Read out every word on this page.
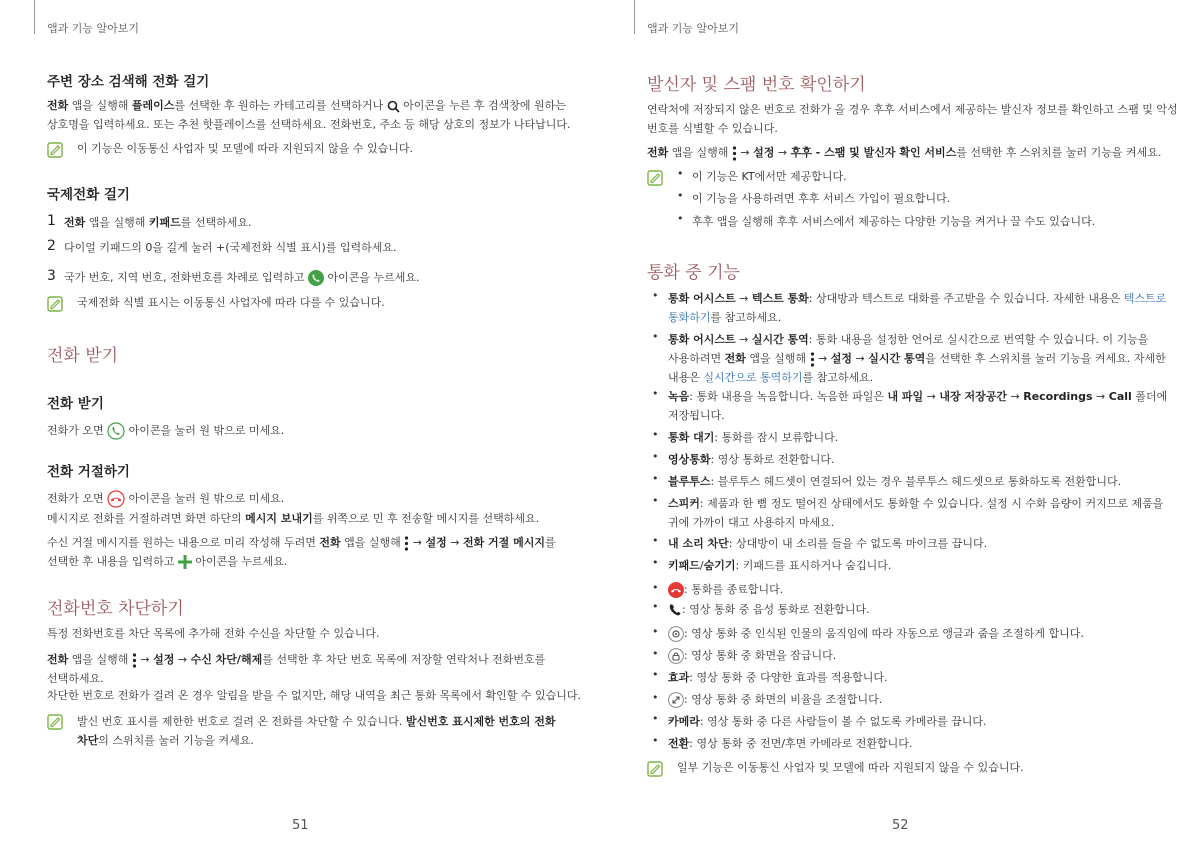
앱과 기능 알아보기
주변 장소 검색해 전화 걸기
전화 앱을 실행해 플레이스를 선택한 후 원하는 카테고리를 선택하거나  아이콘을 누른 후 검색창에 원하는
상호명을 입력하세요. 또는 추천 핫플레이스를 선택하세요. 전화번호, 주소 등 해당 상호의 정보가 나타납니다.
이 기능은 이동통신 사업자 및 모델에 따라 지원되지 않을 수 있습니다.
국제전화 걸기
1 전화 앱을 실행해 키패드를 선택하세요.
2 다이얼 키패드의 0을 길게 눌러 +(국제전화 식별 표시)를 입력하세요.
3 국가 번호, 지역 번호, 전화번호를 차례로 입력하고  아이콘을 누르세요.
국제전화 식별 표시는 이동통신 사업자에 따라 다를 수 있습니다.
전화 받기
전화 받기
전화가 오면  아이콘을 눌러 원 밖으로 미세요.
전화 거절하기
전화가 오면  아이콘을 눌러 원 밖으로 미세요.
메시지로 전화를 거절하려면 화면 하단의 메시지 보내기를 위쪽으로 민 후 전송할 메시지를 선택하세요.
수신 거절 메시지를 원하는 내용으로 미리 작성해 두려면 전화 앱을 실행해  → 설정 → 전화 거절 메시지를
선택한 후 내용을 입력하고  아이콘을 누르세요.
전화번호 차단하기
특정 전화번호를 차단 목록에 추가해 전화 수신을 차단할 수 있습니다.
전화 앱을 실행해  → 설정 → 수신 차단/해제를 선택한 후 차단 번호 목록에 저장할 연락처나 전화번호를
선택하세요.
차단한 번호로 전화가 걸려 온 경우 알림을 받을 수 없지만, 해당 내역을 최근 통화 목록에서 확인할 수 있습니다.
발신 번호 표시를 제한한 번호로 걸려 온 전화를 차단할 수 있습니다. 발신번호 표시제한 번호의 전화
차단의 스위치를 눌러 기능을 켜세요.
51
앱과 기능 알아보기
발신자 및 스팸 번호 확인하기
연락처에 저장되지 않은 번호로 전화가 올 경우 후후 서비스에서 제공하는 발신자 정보를 확인하고 스팸 및 악성
번호를 식별할 수 있습니다.
전화 앱을 실행해  → 설정 → 후후 - 스팸 및 발신자 확인 서비스를 선택한 후 스위치를 눌러 기능을 켜세요.
• 이 기능은 KT에서만 제공합니다.
• 이 기능을 사용하려면 후후 서비스 가입이 필요합니다.
• 후후 앱을 실행해 후후 서비스에서 제공하는 다양한 기능을 켜거나 끌 수도 있습니다.
통화 중 기능
• 통화 어시스트 → 텍스트 통화: 상대방과 텍스트로 대화를 주고받을 수 있습니다. 자세한 내용은 텍스트로
통화하기를 참고하세요.
• 통화 어시스트 → 실시간 통역: 통화 내용을 설정한 언어로 실시간으로 번역할 수 있습니다. 이 기능을
사용하려면 전화 앱을 실행해  → 설정 → 실시간 통역을 선택한 후 스위치를 눌러 기능을 켜세요. 자세한
내용은 실시간으로 통역하기를 참고하세요.
• 녹음: 통화 내용을 녹음합니다. 녹음한 파일은 내 파일 → 내장 저장공간 → Recordings → Call 폴더에
저장됩니다.
• 통화 대기: 통화를 잠시 보류합니다.
• 영상통화: 영상 통화로 전환합니다.
• 블루투스: 블루투스 헤드셋이 연결되어 있는 경우 블루투스 헤드셋으로 통화하도록 전환합니다.
• 스피커: 제품과 한 뼘 정도 떨어진 상태에서도 통화할 수 있습니다. 설정 시 수화 음량이 커지므로 제품을
귀에 가까이 대고 사용하지 마세요.
• 내 소리 차단: 상대방이 내 소리를 들을 수 없도록 마이크를 끕니다.
• 키패드/숨기기: 키패드를 표시하거나 숨깁니다.
•	: 통화를 종료합니다.
•	: 영상 통화 중 음성 통화로 전환합니다.
•	: 영상 통화 중 인식된 인물의 움직임에 따라 자동으로 앵글과 줌을 조절하게 합니다.
•	: 영상 통화 중 화면을 잠급니다.
• 효과: 영상 통화 중 다양한 효과를 적용합니다.
•	: 영상 통화 중 화면의 비율을 조절합니다.
• 카메라: 영상 통화 중 다른 사람들이 볼 수 없도록 카메라를 끕니다.
• 전환: 영상 통화 중 전면/후면 카메라로 전환합니다.
일부 기능은 이동통신 사업자 및 모델에 따라 지원되지 않을 수 있습니다.
52
